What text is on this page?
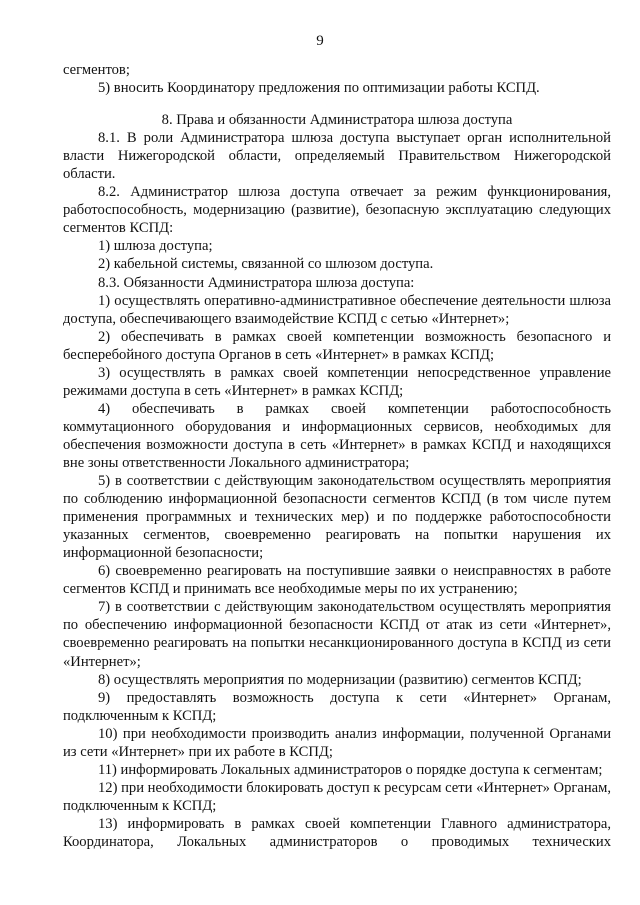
9

сегментов;

5) вносить Координатору предложения по оптимизации работы КСПД.

8. Права и обязанности Администратора шлюза доступа

8.1. В роли Администратора шлюза доступа выступает орган исполнительной власти Нижегородской области, определяемый Правительством Нижегородской области.

8.2. Администратор шлюза доступа отвечает за режим функционирования, работоспособность, модернизацию (развитие), безопасную эксплуатацию следующих сегментов КСПД:

1) шлюза доступа;

2) кабельной системы, связанной со шлюзом доступа.

8.3. Обязанности Администратора шлюза доступа:

1) осуществлять оперативно-административное обеспечение деятельности шлюза доступа, обеспечивающего взаимодействие КСПД с сетью «Интернет»;

2) обеспечивать в рамках своей компетенции возможность безопасного и бесперебойного доступа Органов в сеть «Интернет» в рамках КСПД;

3) осуществлять в рамках своей компетенции непосредственное управление режимами доступа в сеть «Интернет» в рамках КСПД;

4) обеспечивать в рамках своей компетенции работоспособность коммутационного оборудования и информационных сервисов, необходимых для обеспечения возможности доступа в сеть «Интернет» в рамках КСПД и находящихся вне зоны ответственности Локального администратора;

5) в соответствии с действующим законодательством осуществлять мероприятия по соблюдению информационной безопасности сегментов КСПД (в том числе путем применения программных и технических мер) и по поддержке работоспособности указанных сегментов, своевременно реагировать на попытки нарушения их информационной безопасности;

6) своевременно реагировать на поступившие заявки о неисправностях в работе сегментов КСПД и принимать все необходимые меры по их устранению;

7) в соответствии с действующим законодательством осуществлять мероприятия по обеспечению информационной безопасности КСПД от атак из сети «Интернет», своевременно реагировать на попытки несанкционированного доступа в КСПД из сети «Интернет»;

8) осуществлять мероприятия по модернизации (развитию) сегментов КСПД;

9) предоставлять возможность доступа к сети «Интернет» Органам, подключенным к КСПД;

10) при необходимости производить анализ информации, полученной Органами из сети «Интернет» при их работе в КСПД;

11) информировать Локальных администраторов о порядке доступа к сегментам;

12) при необходимости блокировать доступ к ресурсам сети «Интернет» Органам, подключенным к КСПД;

13) информировать в рамках своей компетенции Главного администратора, Координатора, Локальных администраторов о проводимых технических
